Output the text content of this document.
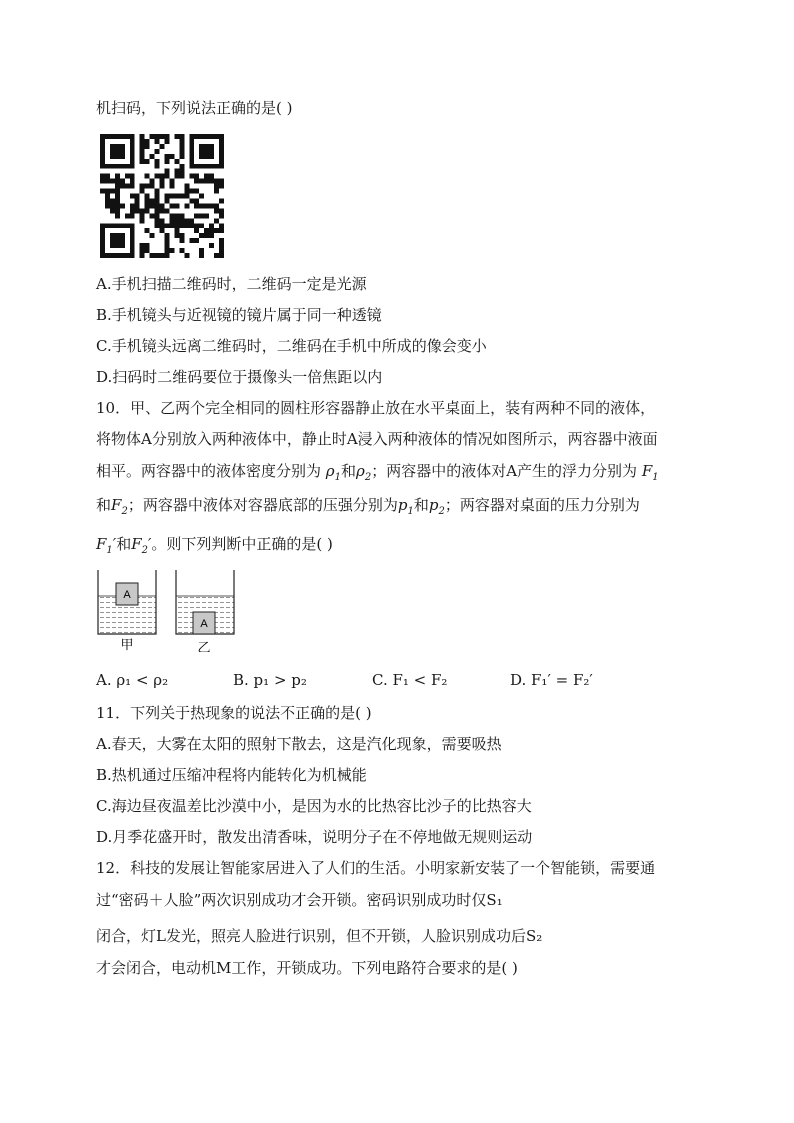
机扫码，下列说法正确的是( )
A.手机扫描二维码时，二维码一定是光源
B.手机镜头与近视镜的镜片属于同一种透镜
C.手机镜头远离二维码时，二维码在手机中所成的像会变小
D.扫码时二维码要位于摄像头一倍焦距以内
10．甲、乙两个完全相同的圆柱形容器静止放在水平桌面上，装有两种不同的液体，
将物体A分别放入两种液体中，静止时A浸入两种液体的情况如图所示，两容器中液面
相平。两容器中的液体密度分别为 $\rho_1$和$\rho_2$；两容器中的液体对A产生的浮力分别为 $F_1$
和$F_2$；两容器中液体对容器底部的压强分别为$p_1$和$p_2$；两容器对桌面的压力分别为
$F_1'$和$F_2'$。则下列判断中正确的是( )
A
A
甲	乙
A. ρ₁ < ρ₂	B. p₁ > p₂	C. F₁ < F₂	D. F₁′ = F₂′
11．下列关于热现象的说法不正确的是( )
A.春天，大雾在太阳的照射下散去，这是汽化现象，需要吸热
B.热机通过压缩冲程将内能转化为机械能
C.海边昼夜温差比沙漠中小，是因为水的比热容比沙子的比热容大
D.月季花盛开时，散发出清香味，说明分子在不停地做无规则运动
12．科技的发展让智能家居进入了人们的生活。小明家新安装了一个智能锁，需要通
过“密码＋人脸”两次识别成功才会开锁。密码识别成功时仅S₁
闭合，灯L发光，照亮人脸进行识别，但不开锁，人脸识别成功后S₂
才会闭合，电动机M工作，开锁成功。下列电路符合要求的是( )
